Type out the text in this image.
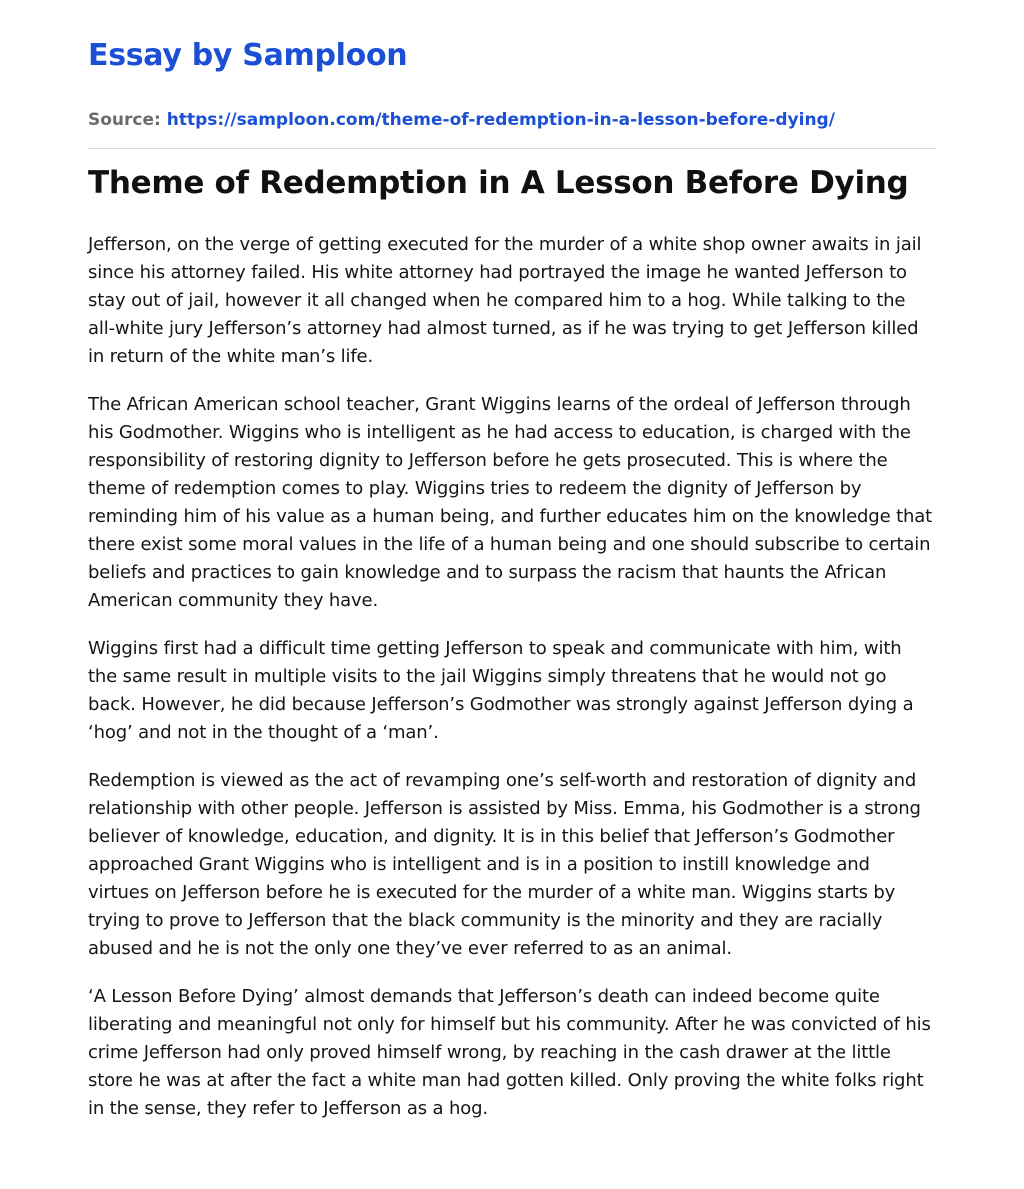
Essay by Samploon
Source: https://samploon.com/theme-of-redemption-in-a-lesson-before-dying/
Theme of Redemption in A Lesson Before Dying

Jefferson, on the verge of getting executed for the murder of a white shop owner awaits in jail since his attorney failed. His white attorney had portrayed the image he wanted Jefferson to stay out of jail, however it all changed when he compared him to a hog. While talking to the all-white jury Jefferson’s attorney had almost turned, as if he was trying to get Jefferson killed in return of the white man’s life.

The African American school teacher, Grant Wiggins learns of the ordeal of Jefferson through his Godmother. Wiggins who is intelligent as he had access to education, is charged with the responsibility of restoring dignity to Jefferson before he gets prosecuted. This is where the theme of redemption comes to play. Wiggins tries to redeem the dignity of Jefferson by reminding him of his value as a human being, and further educates him on the knowledge that there exist some moral values in the life of a human being and one should subscribe to certain beliefs and practices to gain knowledge and to surpass the racism that haunts the African American community they have.

Wiggins first had a difficult time getting Jefferson to speak and communicate with him, with the same result in multiple visits to the jail Wiggins simply threatens that he would not go back. However, he did because Jefferson’s Godmother was strongly against Jefferson dying a ‘hog’ and not in the thought of a ‘man’.

Redemption is viewed as the act of revamping one’s self-worth and restoration of dignity and relationship with other people. Jefferson is assisted by Miss. Emma, his Godmother is a strong believer of knowledge, education, and dignity. It is in this belief that Jefferson’s Godmother approached Grant Wiggins who is intelligent and is in a position to instill knowledge and virtues on Jefferson before he is executed for the murder of a white man. Wiggins starts by trying to prove to Jefferson that the black community is the minority and they are racially abused and he is not the only one they’ve ever referred to as an animal.

‘A Lesson Before Dying’ almost demands that Jefferson’s death can indeed become quite liberating and meaningful not only for himself but his community. After he was convicted of his crime Jefferson had only proved himself wrong, by reaching in the cash drawer at the little store he was at after the fact a white man had gotten killed. Only proving the white folks right in the sense, they refer to Jefferson as a hog.
